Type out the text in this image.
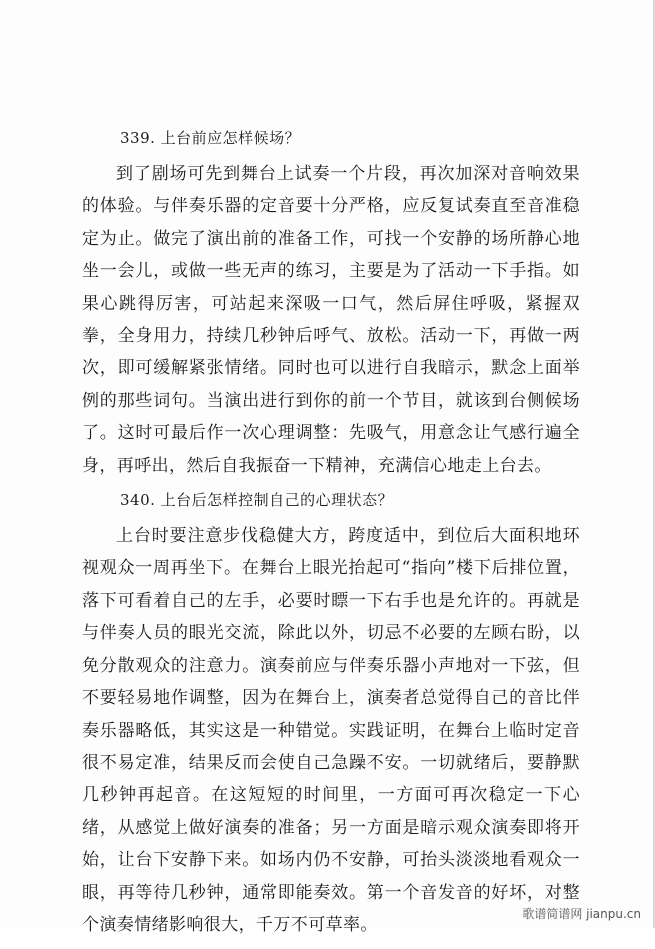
339. 上台前应怎样候场？

到了剧场可先到舞台上试奏一个片段，再次加深对音响效果的体验。与伴奏乐器的定音要十分严格，应反复试奏直至音准稳定为止。做完了演出前的准备工作，可找一个安静的场所静心地坐一会儿，或做一些无声的练习，主要是为了活动一下手指。如果心跳得厉害，可站起来深吸一口气，然后屏住呼吸，紧握双拳，全身用力，持续几秒钟后呼气、放松。活动一下，再做一两次，即可缓解紧张情绪。同时也可以进行自我暗示，默念上面举例的那些词句。当演出进行到你的前一个节目，就该到台侧候场了。这时可最后作一次心理调整：先吸气，用意念让气感行遍全身，再呼出，然后自我振奋一下精神，充满信心地走上台去。

340. 上台后怎样控制自己的心理状态？

上台时要注意步伐稳健大方，跨度适中，到位后大面积地环视观众一周再坐下。在舞台上眼光抬起可“指向”楼下后排位置，落下可看着自己的左手，必要时瞟一下右手也是允许的。再就是与伴奏人员的眼光交流，除此以外，切忌不必要的左顾右盼，以免分散观众的注意力。演奏前应与伴奏乐器小声地对一下弦，但不要轻易地作调整，因为在舞台上，演奏者总觉得自己的音比伴奏乐器略低，其实这是一种错觉。实践证明，在舞台上临时定音很不易定准，结果反而会使自己急躁不安。一切就绪后，要静默几秒钟再起音。在这短短的时间里，一方面可再次稳定一下心绪，从感觉上做好演奏的准备；另一方面是暗示观众演奏即将开始，让台下安静下来。如场内仍不安静，可抬头淡淡地看观众一眼，再等待几秒钟，通常即能奏效。第一个音发音的好坏，对整个演奏情绪影响很大，千万不可草率。

歌谱简谱网 jianpu.cn
